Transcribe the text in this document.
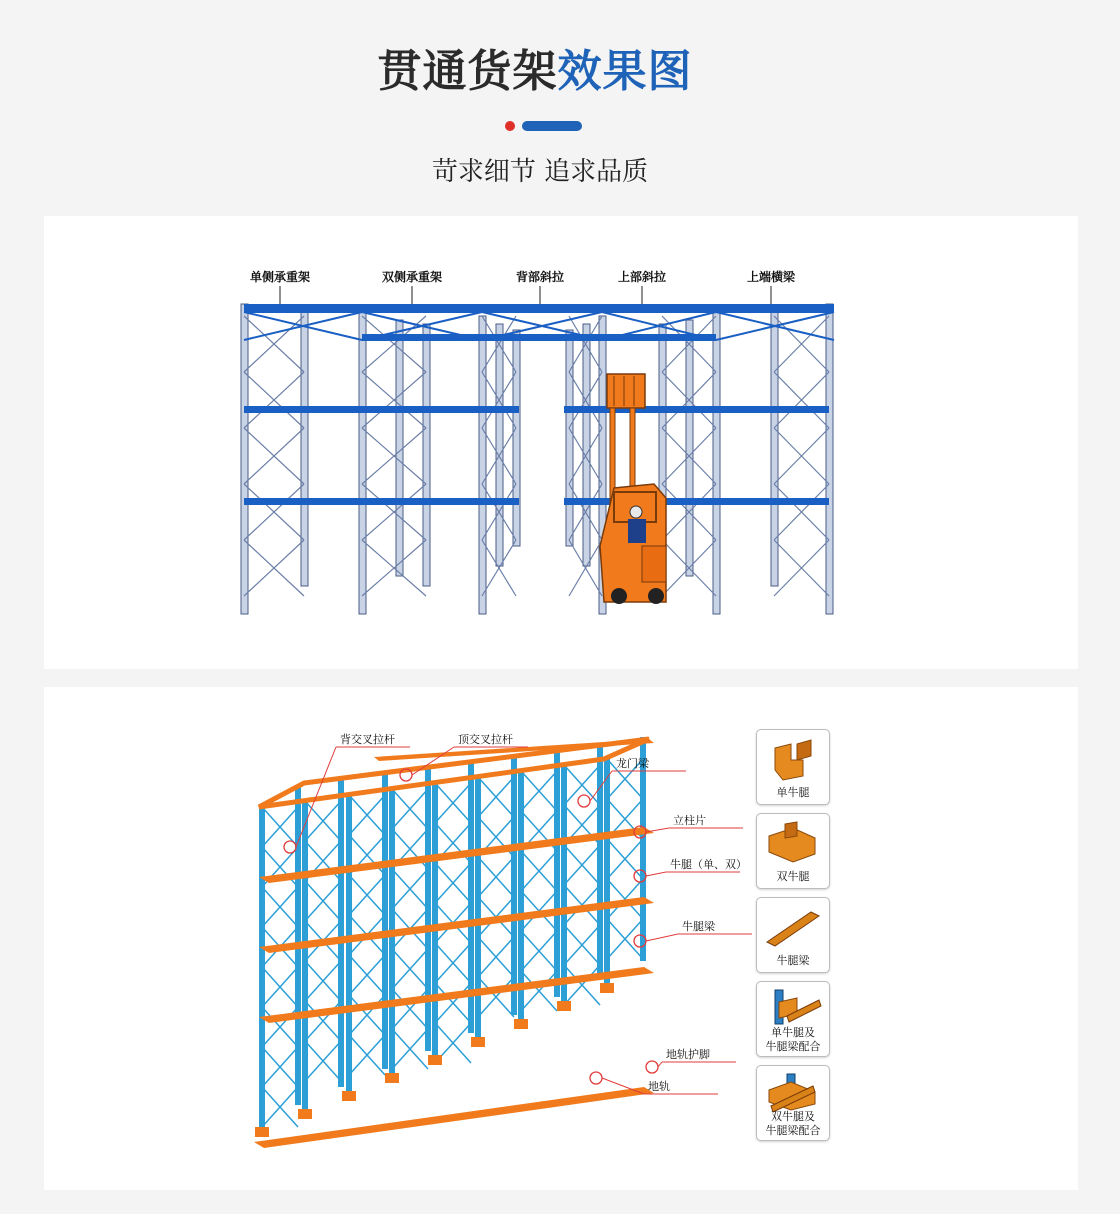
贯通货架效果图
苛求细节 追求品质
单侧承重架	双侧承重架	背部斜拉	上部斜拉	上端横梁
背交叉拉杆	顶交叉拉杆
龙门梁
立柱片
牛腿（单、双）
牛腿梁
地轨护脚
地轨
单牛腿
双牛腿
牛腿梁
单牛腿及
牛腿梁配合
双牛腿及
牛腿梁配合
